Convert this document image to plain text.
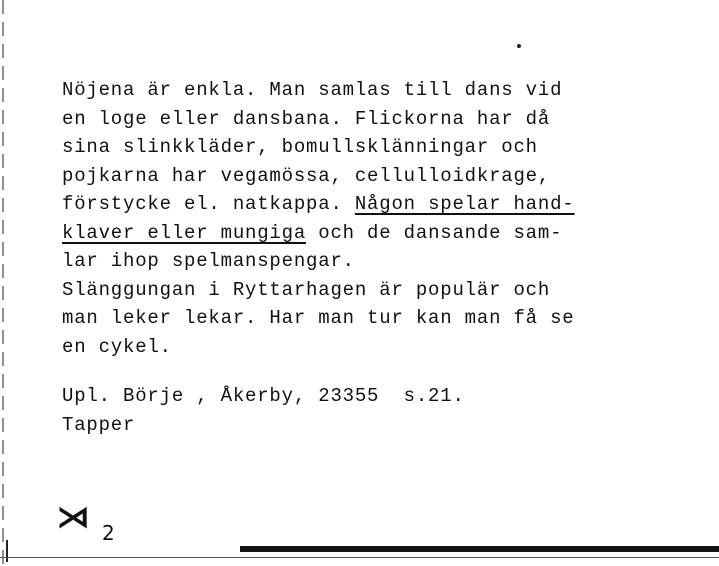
Nöjena är enkla. Man samlas till dans vid
en loge eller dansbana. Flickorna har då
sina slinkkläder, bomullsklänningar och
pojkarna har vegamössa, cellulloidkrage,
förstycke el. natkappa. Någon spelar hand-
klaver eller mungiga och de dansande sam-
lar ihop spelmanspengar.
Slänggungan i Ryttarhagen är populär och
man leker lekar. Har man tur kan man få se
en cykel.
Upl. Börje , Åkerby, 23355  s.21.
Tapper
⋊ 2
